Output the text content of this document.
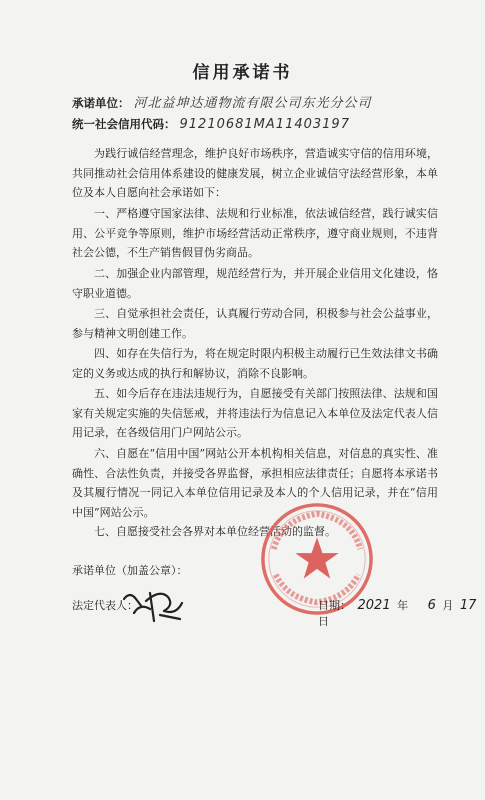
信用承诺书
承诺单位： 河北益坤达通物流有限公司东光分公司
统一社会信用代码： 91210681MA11403197
为践行诚信经营理念，维护良好市场秩序，营造诚实守信的信用环境，共同推动社会信用体系建设的健康发展，树立企业诚信守法经营形象，本单位及本人自愿向社会承诺如下：
一、严格遵守国家法律、法规和行业标准，依法诚信经营，践行诚实信用、公平竞争等原则，维护市场经营活动正常秩序，遵守商业规则，不违背社会公德，不生产销售假冒伪劣商品。
二、加强企业内部管理，规范经营行为，并开展企业信用文化建设，恪守职业道德。
三、自觉承担社会责任，认真履行劳动合同，积极参与社会公益事业，参与精神文明创建工作。
四、如存在失信行为，将在规定时限内积极主动履行已生效法律文书确定的义务或达成的执行和解协议，消除不良影响。
五、如今后存在违法违规行为，自愿接受有关部门按照法律、法规和国家有关规定实施的失信惩戒，并将违法行为信息记入本单位及法定代表人信用记录，在各级信用门户网站公示。
六、自愿在“信用中国”网站公开本机构相关信息，对信息的真实性、准确性、合法性负责，并接受各界监督，承担相应法律责任；自愿将本承诺书及其履行情况一同记入本单位信用记录及本人的个人信用记录，并在“信用中国”网站公示。
七、自愿接受社会各界对本单位经营活动的监督。
承诺单位（加盖公章）：
法定代表人：	日期： 2021 年 6 月 17 日
